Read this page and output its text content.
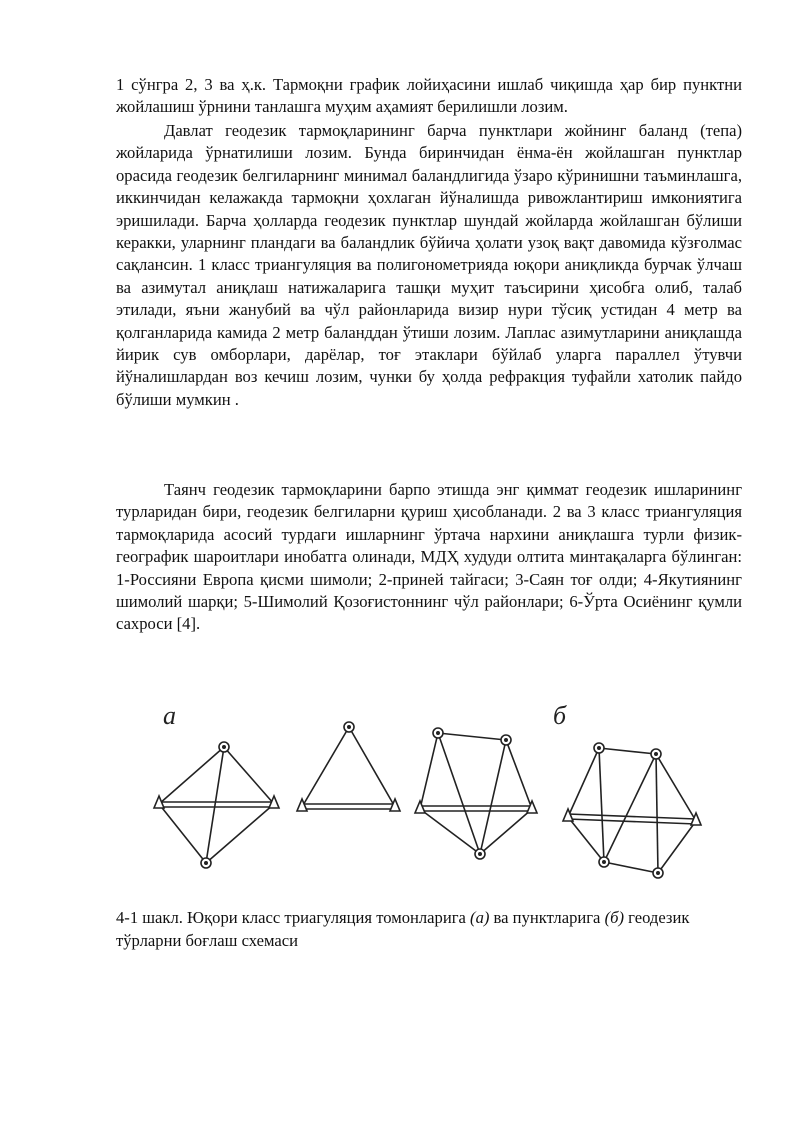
1 сўнгра 2, 3 ва ҳ.к. Тармоқни график лойиҳасини ишлаб чиқишда ҳар бир пунктни жойлашиш ўрнини танлашга муҳим аҳамият берилишли лозим.

Давлат геодезик тармоқларининг барча пунктлари жойнинг баланд (тепа) жойларида ўрнатилиши лозим. Бунда биринчидан ёнма-ён жойлашган пунктлар орасида геодезик белгиларнинг минимал баландлигида ўзаро кўринишни таъминлашга, иккинчидан келажакда тармоқни ҳохлаган йўналишда ривожлантириш имкониятига эришилади. Барча ҳолларда геодезик пунктлар шундай жойларда жойлашган бўлиши керакки, уларнинг пландаги ва баландлик бўйича ҳолати узоқ вақт давомида кўзғолмас сақлансин. 1 класс триангуляция ва полигонометрияда юқори аниқликда бурчак ўлчаш ва азимутал аниқлаш натижаларига ташқи муҳит таъсирини ҳисобга олиб, талаб этилади, яъни жанубий ва чўл районларида визир нури тўсиқ устидан 4 метр ва қолганларида камида 2 метр баланддан ўтиши лозим. Лаплас азимутларини аниқлашда йирик сув омборлари, дарёлар, тоғ этаклари бўйлаб уларга параллел ўтувчи йўналишлардан воз кечиш лозим, чунки бу ҳолда рефракция туфайли хатолик пайдо бўлиши мумкин .

Таянч геодезик тармоқларини барпо этишда энг қиммат геодезик ишларининг турларидан бири, геодезик белгиларни қуриш ҳисобланади. 2 ва 3 класс триангуляция тармоқларида асосий турдаги ишларнинг ўртача нархини аниқлашга турли физик-географик шароитлари инобатга олинади, МДҲ худуди олтита минтақаларга бўлинган: 1-Россияни Европа қисми шимоли; 2-приней тайгаси; 3-Саян тоғ олди; 4-Якутиянинг шимолий шарқи; 5-Шимолий Қозоғистоннинг чўл районлари; 6-Ўрта Осиёнинг қумли сахроси [4].

а	б

4-1 шакл. Юқори класс триагуляция томонларига (а) ва пунктларига (б) геодезик тўрларни боғлаш схемаси
